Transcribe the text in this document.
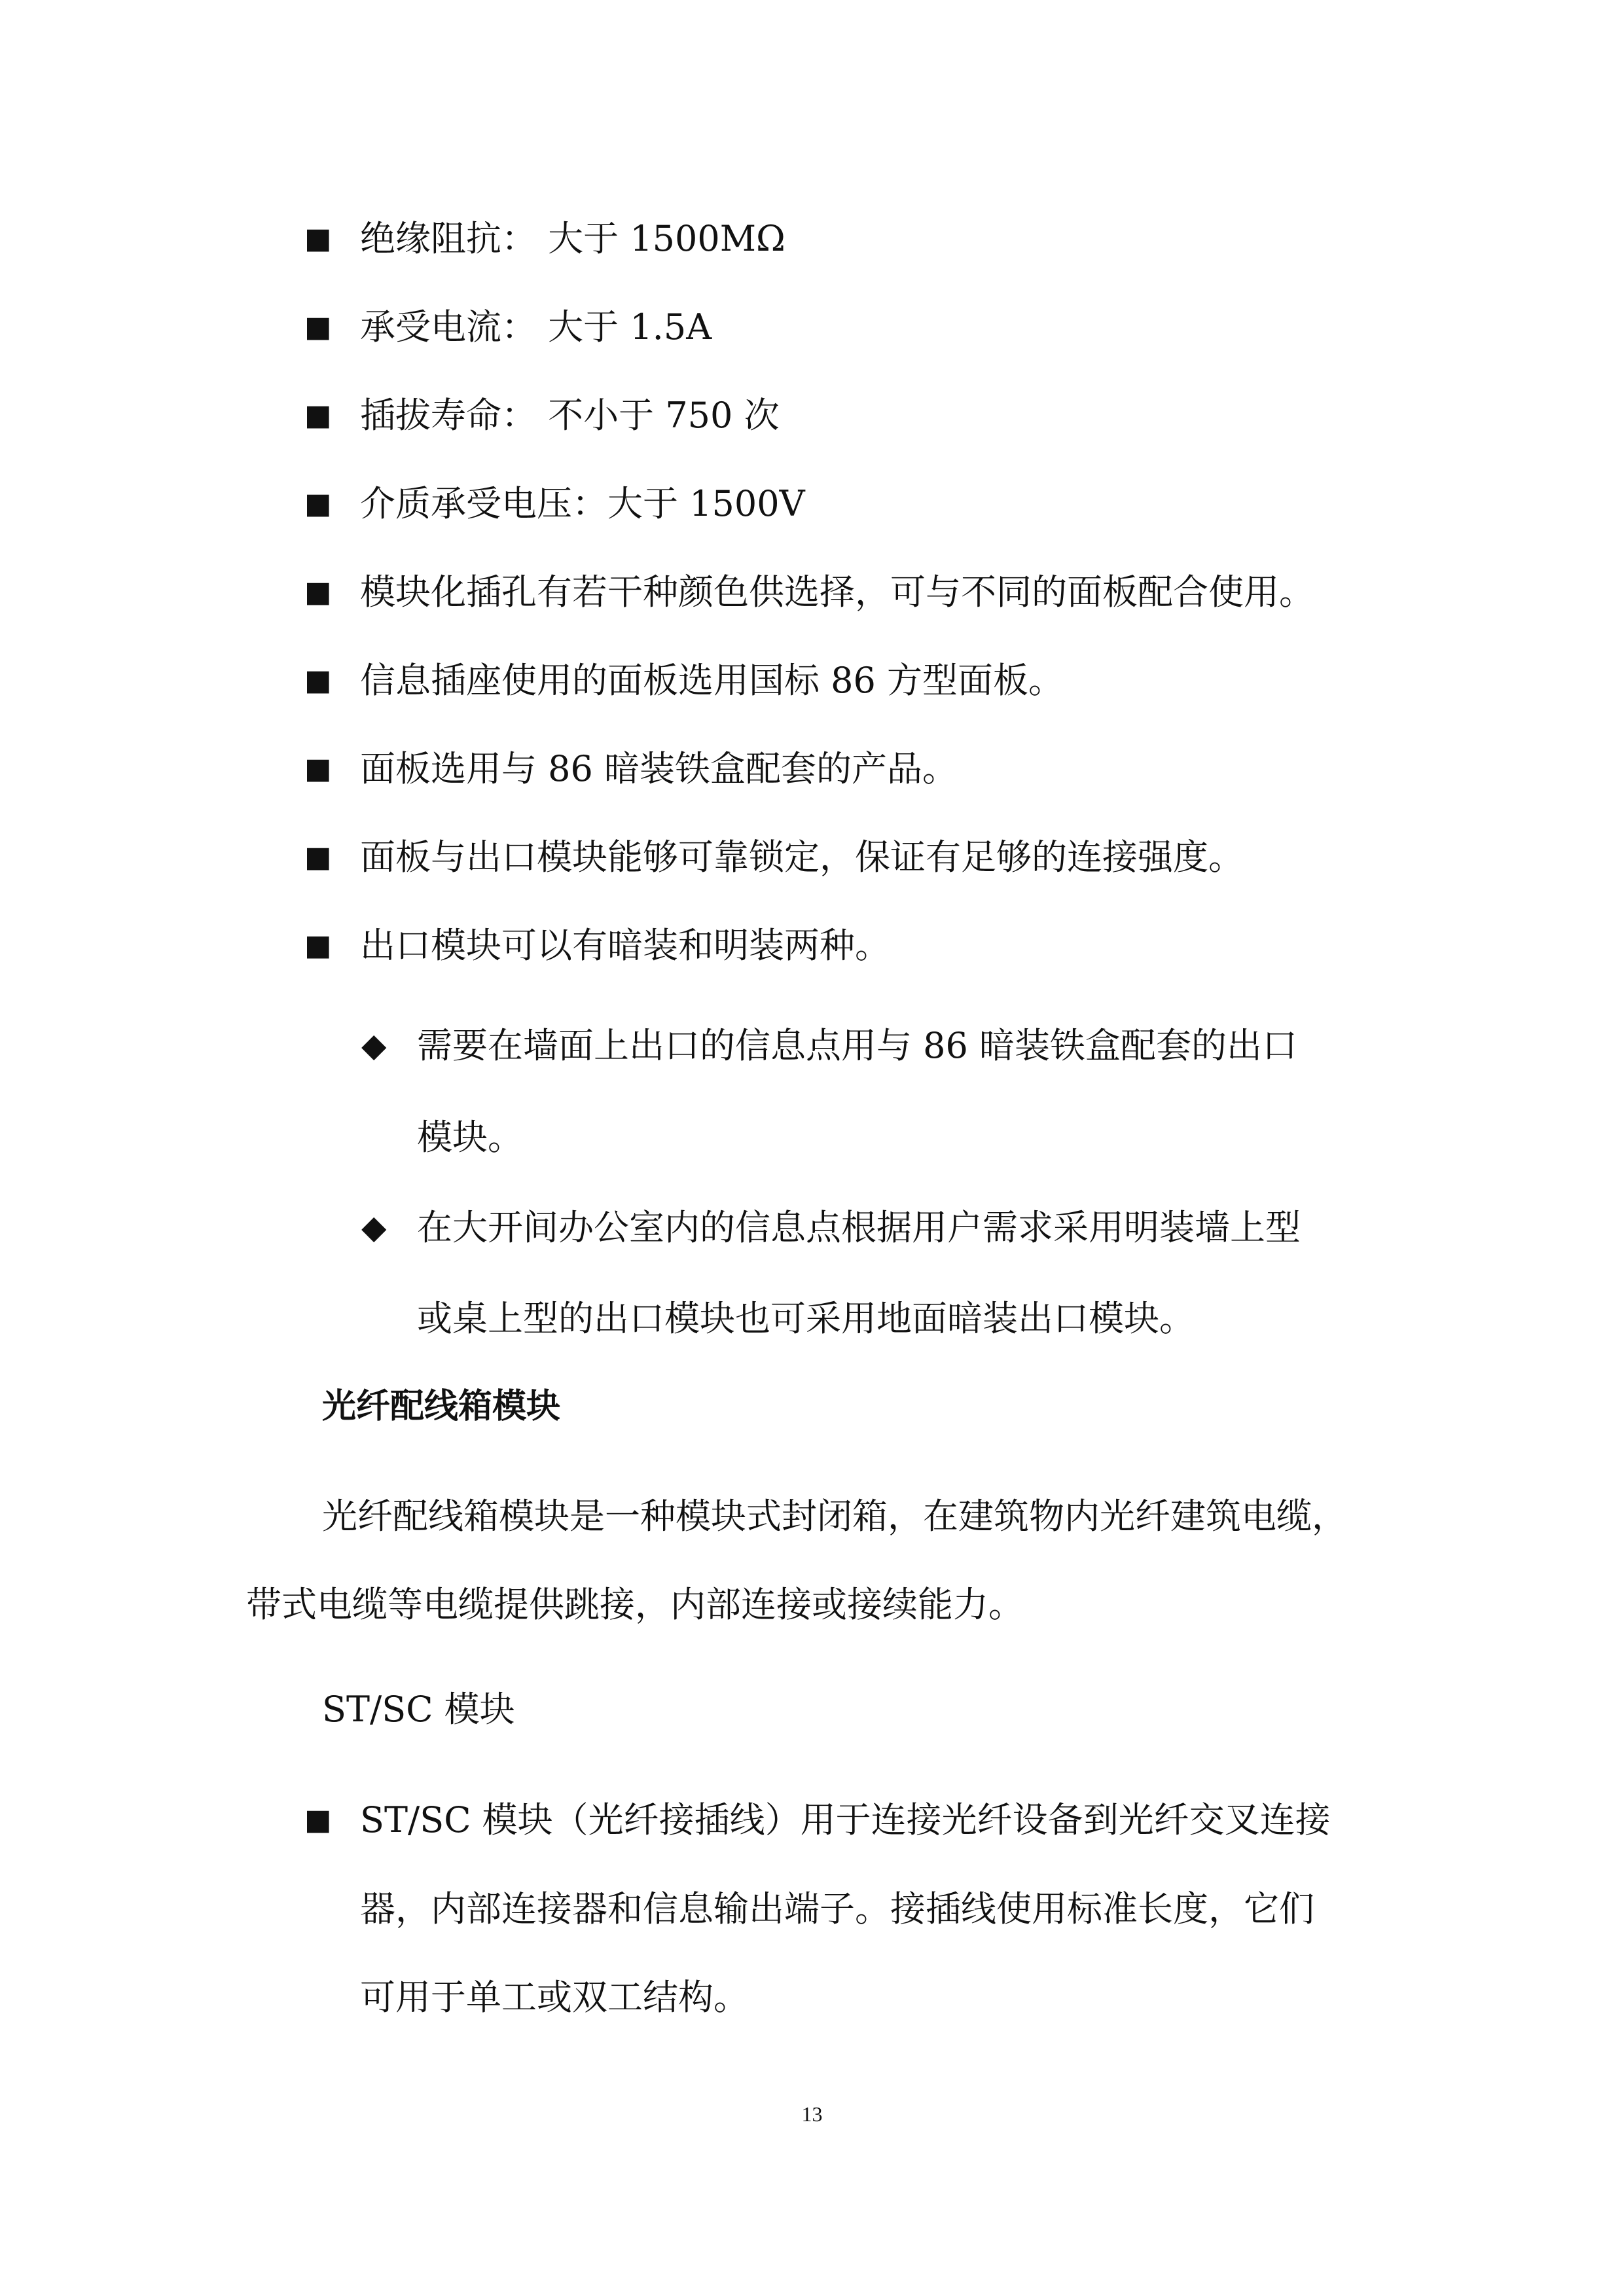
■ 绝缘阻抗： 大于 1500MΩ
■ 承受电流： 大于 1.5A
■ 插拔寿命： 不小于 750 次
■ 介质承受电压：大于 1500V
■ 模块化插孔有若干种颜色供选择，可与不同的面板配合使用。
■ 信息插座使用的面板选用国标 86 方型面板。
■ 面板选用与 86 暗装铁盒配套的产品。
■ 面板与出口模块能够可靠锁定，保证有足够的连接强度。
■ 出口模块可以有暗装和明装两种。
◆ 需要在墙面上出口的信息点用与 86 暗装铁盒配套的出口
模块。
◆ 在大开间办公室内的信息点根据用户需求采用明装墙上型
或桌上型的出口模块也可采用地面暗装出口模块。
光纤配线箱模块
光纤配线箱模块是一种模块式封闭箱，在建筑物内光纤建筑电缆，
带式电缆等电缆提供跳接，内部连接或接续能力。
ST/SC 模块
■ ST/SC 模块（光纤接插线）用于连接光纤设备到光纤交叉连接
器，内部连接器和信息输出端子。接插线使用标准长度，它们
可用于单工或双工结构。
13
